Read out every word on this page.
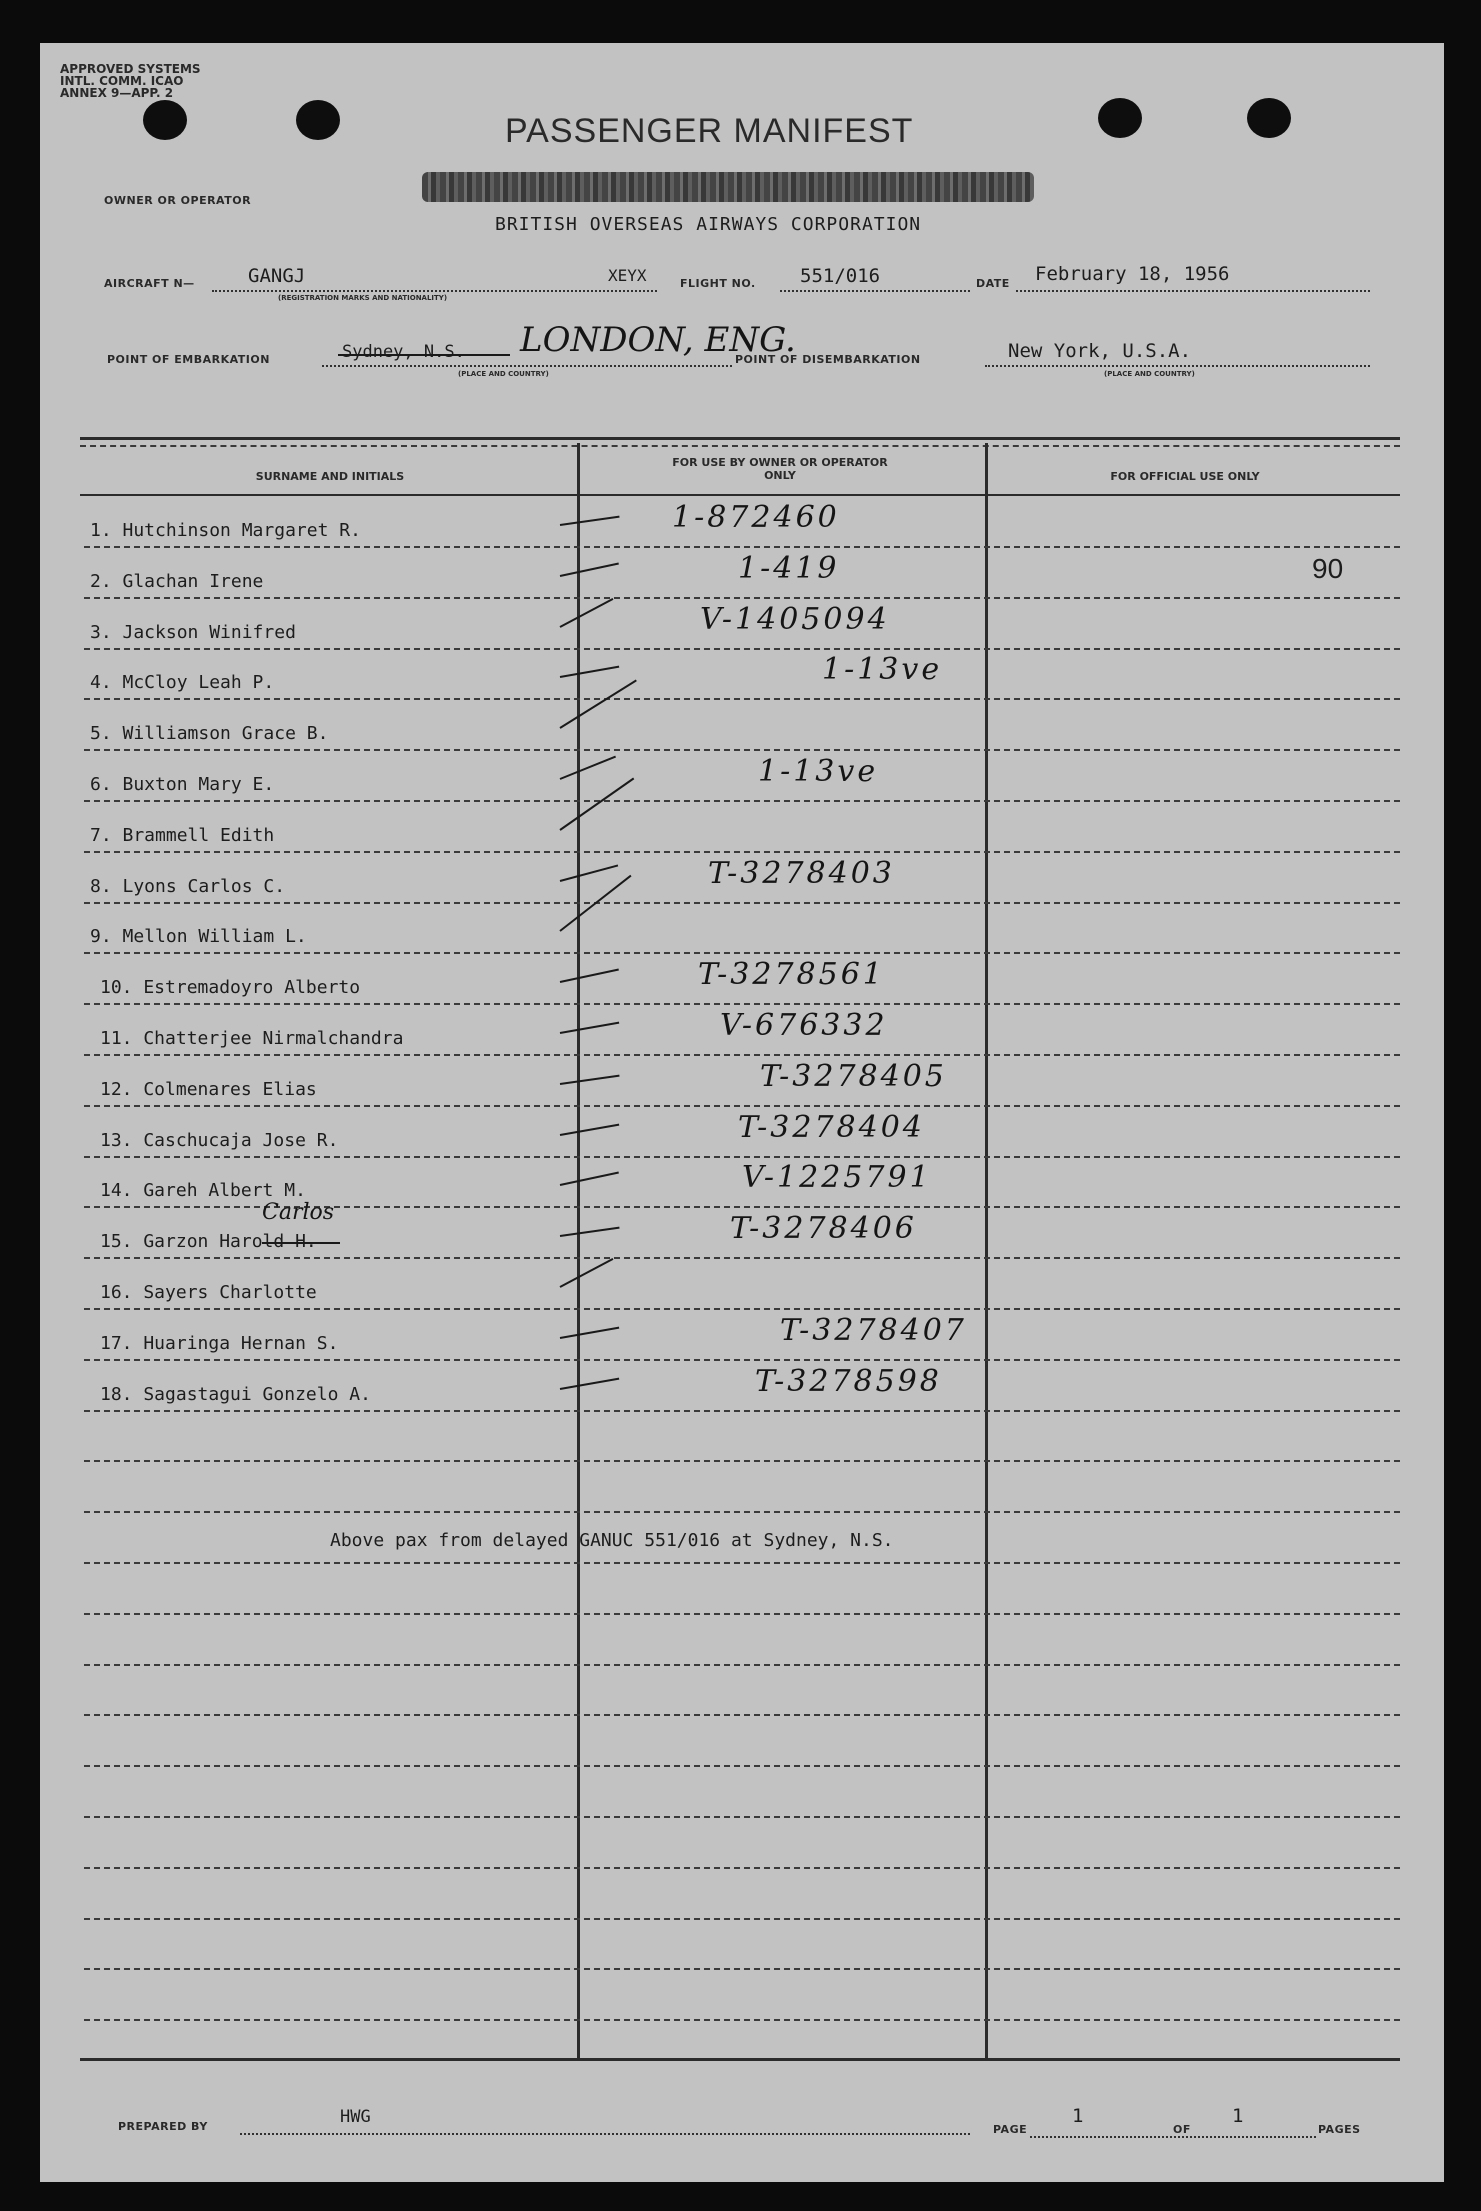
APPROVED SYSTEMS INTL. COMM. ICAO ANNEX 9—APP. 2
PASSENGER MANIFEST
OWNER OR OPERATOR
BRITISH OVERSEAS AIRWAYS CORPORATION
AIRCRAFT N—	GANGJ
(REGISTRATION MARKS AND NATIONALITY)
XEYX	FLIGHT NO. 551/016	DATE February 18, 1956
POINT OF EMBARKATION	Sydney, N.S. LONDON, ENG.
(PLACE AND COUNTRY)
POINT OF DISEMBARKATION	New York, U.S.A.
(PLACE AND COUNTRY)
SURNAME AND INITIALS
FOR USE BY OWNER OR OPERATOR ONLY	FOR OFFICIAL USE ONLY
1. Hutchinson Margaret R.	1-872460
2. Glachan Irene	1-419	90
3. Jackson Winifred	V-1405094
4. McCloy Leah P.	1-13ve
5. Williamson Grace B.
6. Buxton Mary E.	1-13ve
7. Brammell Edith
8. Lyons Carlos C.	T-3278403
9. Mellon William L.
10. Estremadoyro Alberto	T-3278561
11. Chatterjee Nirmalchandra	V-676332
12. Colmenares Elias	T-3278405
13. Caschucaja Jose R.	T-3278404
14. Gareh Albert M.	V-1225791
15. Garzon Harold H.	T-3278406
16. Sayers Charlotte
17. Huaringa Hernan S.	T-3278407
18. Sagastagui Gonzelo A.	T-3278598
Carlos
Above pax from delayed GANUC 551/016 at Sydney, N.S.
PREPARED BY	HWG
PAGE
1
OF
1
PAGES
